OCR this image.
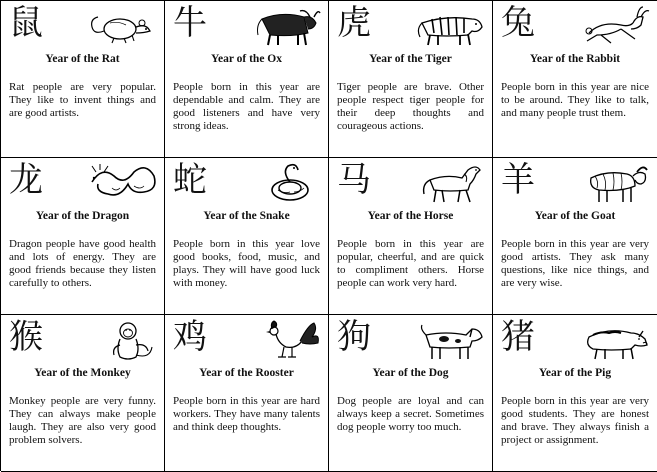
鼠
Year of the Rat
Rat people are very popular. They like to invent things and are good artists.
牛
Year of the Ox
People born in this year are dependable and calm. They are good listeners and have very strong ideas.
虎
Year of the Tiger
Tiger people are brave. Other people respect tiger people for their deep thoughts and courageous actions.
兔
Year of the Rabbit
People born in this year are nice to be around. They like to talk, and many people trust them.
龙
Year of the Dragon
Dragon people have good health and lots of energy. They are good friends because they listen carefully to others.
蛇
Year of the Snake
People born in this year love good books, food, music, and plays. They will have good luck with money.
马
Year of the Horse
People born in this year are popular, cheerful, and are quick to compliment others. Horse people can work very hard.
羊
Year of the Goat
People born in this year are very good artists. They ask many questions, like nice things, and are very wise.
猴
Year of the Monkey
Monkey people are very funny. They can always make people laugh. They are also very good problem solvers.
鸡
Year of the Rooster
People born in this year are hard workers. They have many talents and think deep thoughts.
狗
Year of the Dog
Dog people are loyal and can always keep a secret. Sometimes dog people worry too much.
猪
Year of the Pig
People born in this year are very good students. They are honest and brave. They always finish a project or assignment.
